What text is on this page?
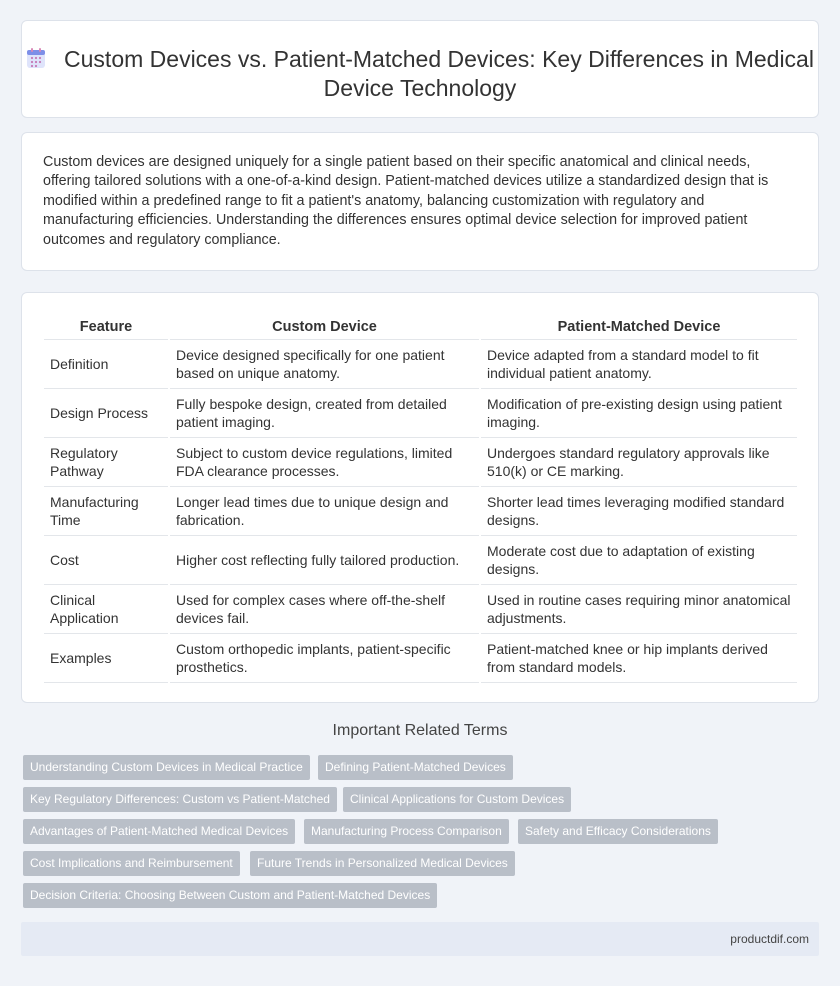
Custom Devices vs. Patient-Matched Devices: Key Differences in Medical Device Technology

Custom devices are designed uniquely for a single patient based on their specific anatomical and clinical needs, offering tailored solutions with a one-of-a-kind design. Patient-matched devices utilize a standardized design that is modified within a predefined range to fit a patient's anatomy, balancing customization with regulatory and manufacturing efficiencies. Understanding the differences ensures optimal device selection for improved patient outcomes and regulatory compliance.

Feature	Custom Device	Patient-Matched Device
Definition	Device designed specifically for one patient based on unique anatomy.	Device adapted from a standard model to fit individual patient anatomy.
Design Process	Fully bespoke design, created from detailed patient imaging.	Modification of pre-existing design using patient imaging.
Regulatory Pathway	Subject to custom device regulations, limited FDA clearance processes.	Undergoes standard regulatory approvals like 510(k) or CE marking.
Manufacturing Time	Longer lead times due to unique design and fabrication.	Shorter lead times leveraging modified standard designs.
Cost	Higher cost reflecting fully tailored production.	Moderate cost due to adaptation of existing designs.
Clinical Application	Used for complex cases where off-the-shelf devices fail.	Used in routine cases requiring minor anatomical adjustments.
Examples	Custom orthopedic implants, patient-specific prosthetics.	Patient-matched knee or hip implants derived from standard models.
Important Related Terms
Understanding Custom Devices in Medical Practice	Defining Patient-Matched Devices
Key Regulatory Differences: Custom vs Patient-Matched	Clinical Applications for Custom Devices
Advantages of Patient-Matched Medical Devices	Manufacturing Process Comparison	Safety and Efficacy Considerations
Cost Implications and Reimbursement	Future Trends in Personalized Medical Devices
Decision Criteria: Choosing Between Custom and Patient-Matched Devices
productdif.com
